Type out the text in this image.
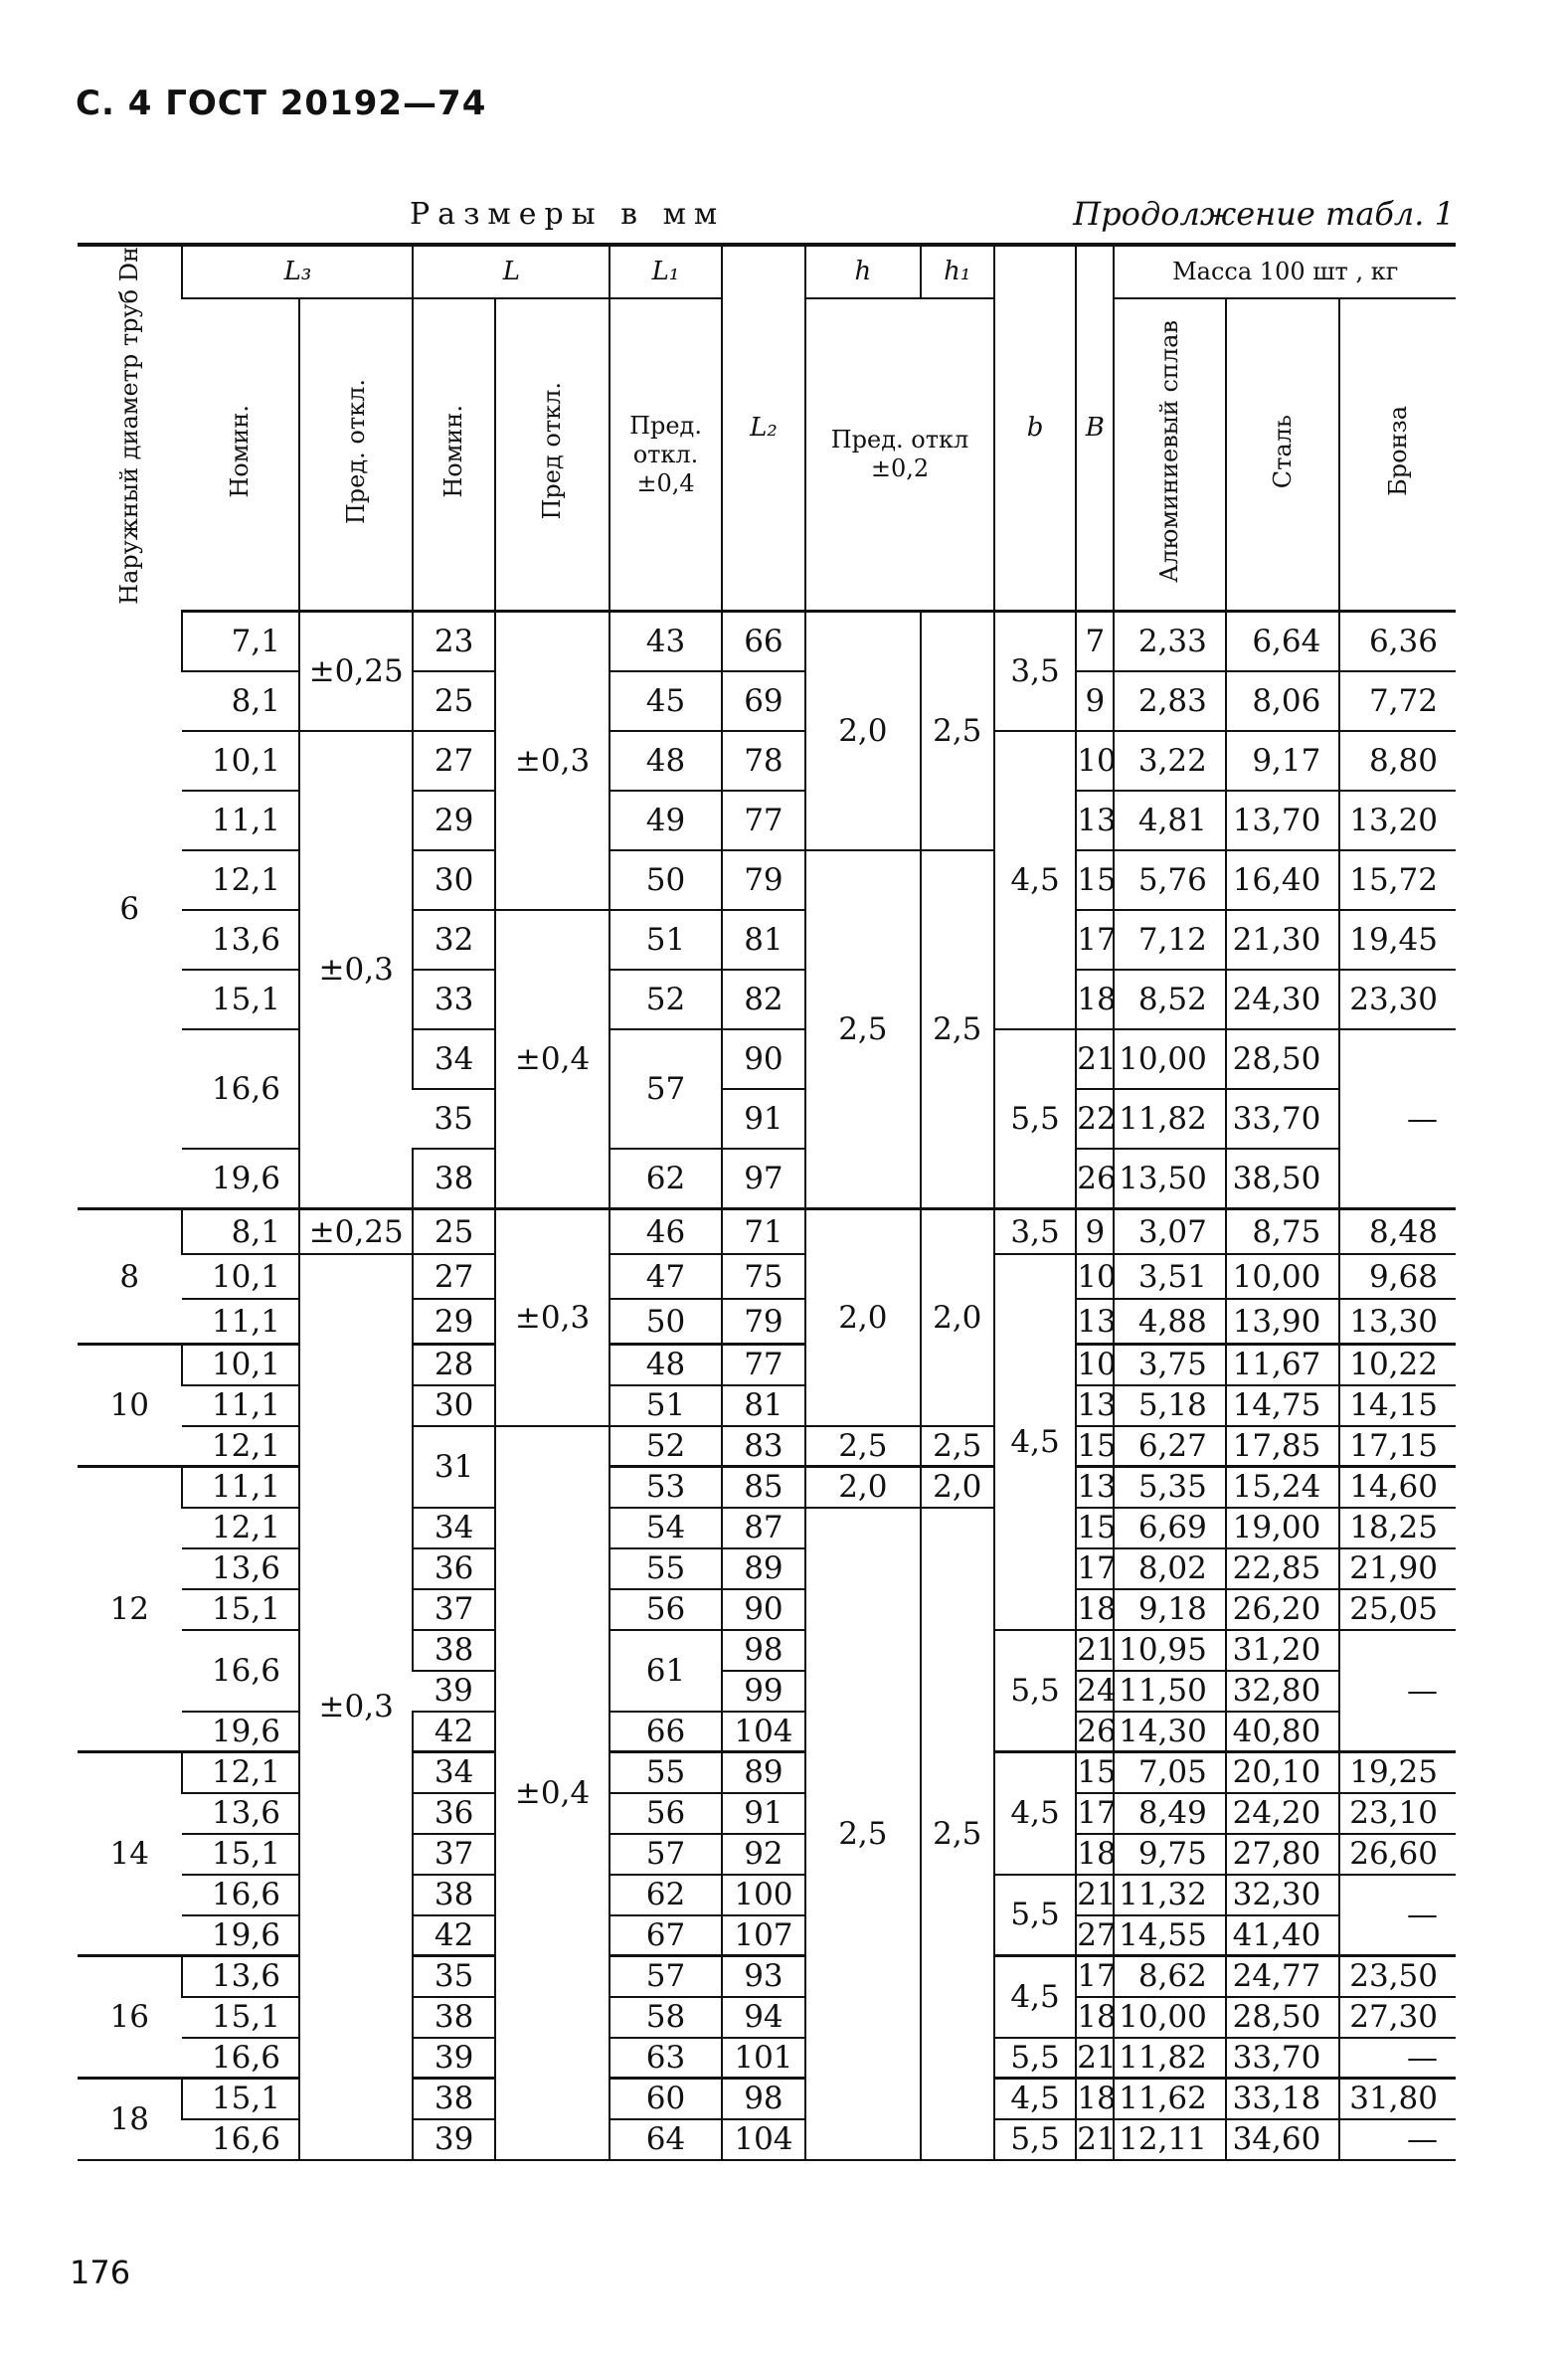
С. 4 ГОСТ 20192—74
Размеры в мм	Продолжение табл. 1
Наружный диаметр труб Dн	L₃		L		L₁	L₂	h	h₁	b	B	Масса 100 шт , кг		
	Номин.	Пред. откл.	Номин.	Пред откл.	Пред. откл. ±0,4		Пред. откл ±0,2				Алюминиевый сплав	Сталь	Бронза
6	7,1	±0,25	23	±0,3	43	66	2,0	2,5	3,5	7	2,33	6,64	6,36
	8,1		25		45	69				9	2,83	8,06	7,72
	10,1	±0,3	27		48	78			4,5	10	3,22	9,17	8,80
	11,1		29		49	77				13	4,81	13,70	13,20
	12,1		30		50	79	2,5	2,5		15	5,76	16,40	15,72
	13,6		32	±0,4	51	81				17	7,12	21,30	19,45
	15,1		33		52	82				18	8,52	24,30	23,30
	16,6		34		57	90			5,5	21	10,00	28,50	—
			35			91				22	11,82	33,70	
	19,6		38		62	97				26	13,50	38,50	
8	8,1	±0,25	25	±0,3	46	71	2,0	2,0	3,5	9	3,07	8,75	8,48
	10,1	±0,3	27		47	75			4,5	10	3,51	10,00	9,68
	11,1		29		50	79				13	4,88	13,90	13,30
10	10,1		28		48	77				10	3,75	11,67	10,22
	11,1		30		51	81				13	5,18	14,75	14,15
	12,1		31	±0,4	52	83	2,5	2,5		15	6,27	17,85	17,15
12	11,1				53	85	2,0	2,0		13	5,35	15,24	14,60
	12,1		34		54	87	2,5	2,5		15	6,69	19,00	18,25
	13,6		36		55	89				17	8,02	22,85	21,90
	15,1		37		56	90				18	9,18	26,20	25,05
	16,6		38		61	98			5,5	21	10,95	31,20	—
			39			99				24	11,50	32,80	
	19,6		42		66	104				26	14,30	40,80	
14	12,1		34		55	89			4,5	15	7,05	20,10	19,25
	13,6		36		56	91				17	8,49	24,20	23,10
	15,1		37		57	92				18	9,75	27,80	26,60
	16,6		38		62	100			5,5	21	11,32	32,30	—
	19,6		42		67	107				27	14,55	41,40	
16	13,6		35		57	93			4,5	17	8,62	24,77	23,50
	15,1		38		58	94				18	10,00	28,50	27,30
	16,6		39		63	101			5,5	21	11,82	33,70	—
18	15,1		38		60	98			4,5	18	11,62	33,18	31,80
	16,6		39		64	104			5,5	21	12,11	34,60	—
176
